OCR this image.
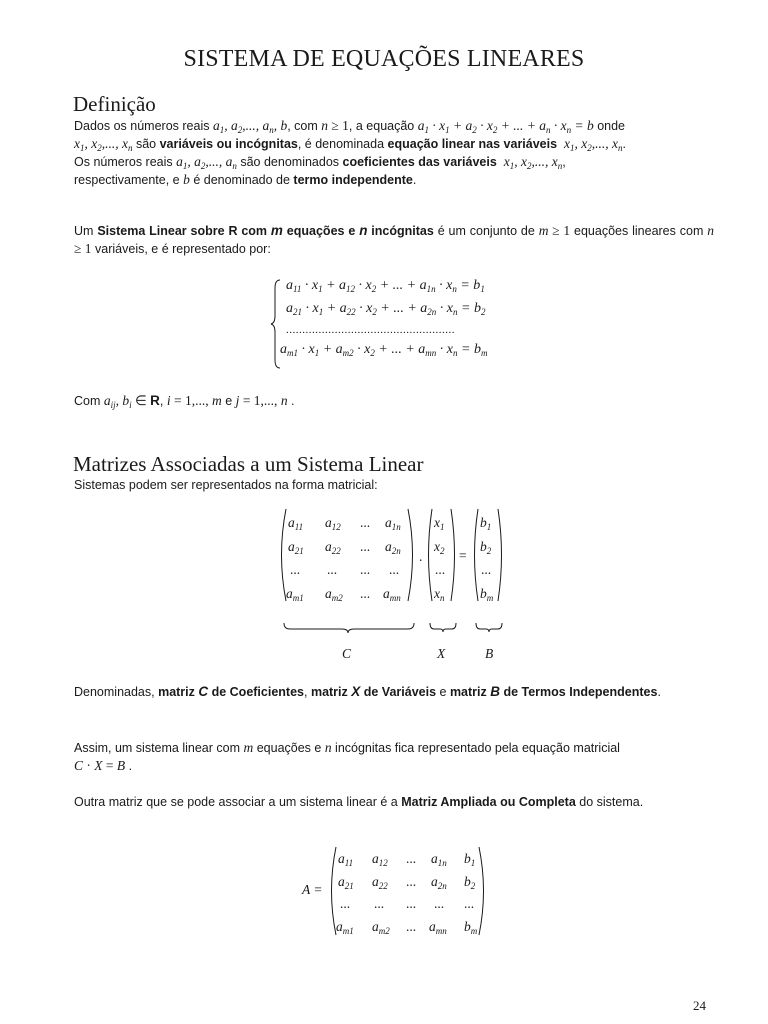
SISTEMA DE EQUAÇÕES LINEARES
Definição
Dados os números reais $a_1$, $a_2$,..., $a_n$, b, com n ≥ 1, a equação $a_1 \cdot x_1 + a_2 \cdot x_2$ + ... + $a_n \cdot x_n = b$ onde
$x_1$, $x_2$,..., $x_n$ são variáveis ou incógnitas, é denominada equação linear nas variáveis $x_1$, $x_2$,..., $x_n$.
Os números reais $a_1$, $a_2$,..., $a_n$ são denominados coeficientes das variáveis $x_1$, $x_2$,..., $x_n$,
respectivamente, e b é denominado de termo independente.
Um Sistema Linear sobre R com m equações e n incógnitas é um conjunto de m ≥ 1 equações lineares com n ≥ 1 variáveis, e é representado por:
$a_{11} \cdot x_1 + a_{12} \cdot x_2$ + ... + $a_{1n} \cdot x_n = b_1$
$a_{21} \cdot x_1 + a_{22} \cdot x_2$ + ... + $a_{2n} \cdot x_n = b_2$
....................................................
$a_{m1} \cdot x_1 + a_{m2} \cdot x_2$ + ... + $a_{mn} \cdot x_n = b_m$
Com $a_{ij}$, $b_i$ ∈ R, i = 1,..., m e j = 1,..., n .
Matrizes Associadas a um Sistema Linear
Sistemas podem ser representados na forma matricial:
$a_{11}$ $a_{12}$ ... $a_{1n}$
$a_{21}$ $a_{22}$ ... $a_{2n}$
... ... ... ...
$a_{m1}$ $a_{m2}$ ... $a_{mn}$
.
$x_1$
$x_2$
...
$x_n$
=
$b_1$
$b_2$
...
$b_m$
C	X	B
Denominadas, matriz C de Coeficientes, matriz X de Variáveis e matriz B de Termos Independentes.
Assim, um sistema linear com m equações e n incógnitas fica representado pela equação matricial
C · X = B .
Outra matriz que se pode associar a um sistema linear é a Matriz Ampliada ou Completa do sistema.
A =
$a_{11}$ $a_{12}$ ... $a_{1n}$ $b_1$
$a_{21}$ $a_{22}$ ... $a_{2n}$ $b_2$
... ... ... ... ...
$a_{m1}$ $a_{m2}$ ... $a_{mn}$ $b_m$
24
